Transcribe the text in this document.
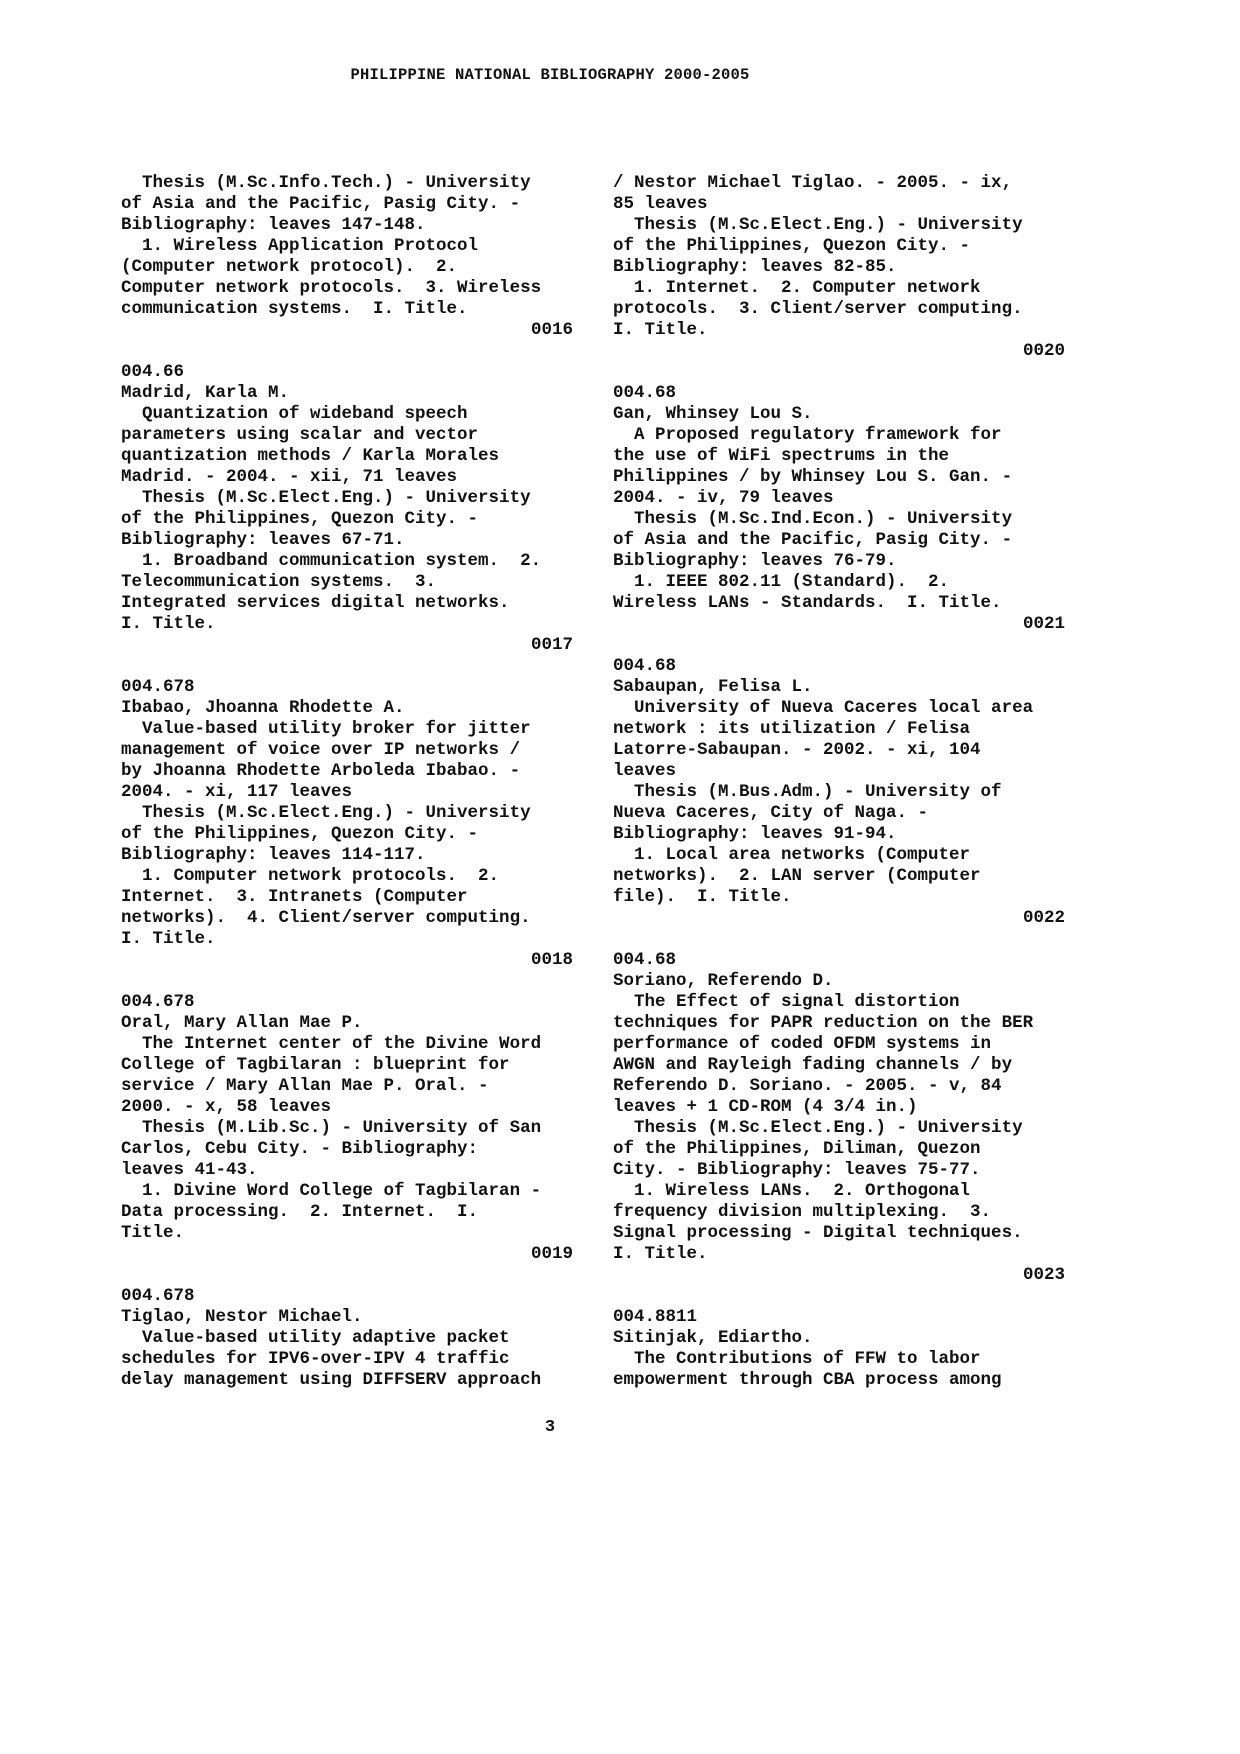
PHILIPPINE NATIONAL BIBLIOGRAPHY 2000-2005
Thesis (M.Sc.Info.Tech.) - University
of Asia and the Pacific, Pasig City. -
Bibliography: leaves 147-148.
1. Wireless Application Protocol
(Computer network protocol).  2.
Computer network protocols.  3. Wireless
communication systems.  I. Title.
0016
004.66
Madrid, Karla M.
Quantization of wideband speech
parameters using scalar and vector
quantization methods / Karla Morales
Madrid. - 2004. - xii, 71 leaves
Thesis (M.Sc.Elect.Eng.) - University
of the Philippines, Quezon City. -
Bibliography: leaves 67-71.
1. Broadband communication system.  2.
Telecommunication systems.  3.
Integrated services digital networks.
I. Title.
0017
004.678
Ibabao, Jhoanna Rhodette A.
Value-based utility broker for jitter
management of voice over IP networks /
by Jhoanna Rhodette Arboleda Ibabao. -
2004. - xi, 117 leaves
Thesis (M.Sc.Elect.Eng.) - University
of the Philippines, Quezon City. -
Bibliography: leaves 114-117.
1. Computer network protocols.  2.
Internet.  3. Intranets (Computer
networks).  4. Client/server computing.
I. Title.
0018
004.678
Oral, Mary Allan Mae P.
The Internet center of the Divine Word
College of Tagbilaran : blueprint for
service / Mary Allan Mae P. Oral. -
2000. - x, 58 leaves
Thesis (M.Lib.Sc.) - University of San
Carlos, Cebu City. - Bibliography:
leaves 41-43.
1. Divine Word College of Tagbilaran -
Data processing.  2. Internet.  I.
Title.
0019
004.678
Tiglao, Nestor Michael.
Value-based utility adaptive packet
schedules for IPV6-over-IPV 4 traffic
delay management using DIFFSERV approach
/ Nestor Michael Tiglao. - 2005. - ix,
85 leaves
Thesis (M.Sc.Elect.Eng.) - University
of the Philippines, Quezon City. -
Bibliography: leaves 82-85.
1. Internet.  2. Computer network
protocols.  3. Client/server computing.
I. Title.
0020
004.68
Gan, Whinsey Lou S.
A Proposed regulatory framework for
the use of WiFi spectrums in the
Philippines / by Whinsey Lou S. Gan. -
2004. - iv, 79 leaves
Thesis (M.Sc.Ind.Econ.) - University
of Asia and the Pacific, Pasig City. -
Bibliography: leaves 76-79.
1. IEEE 802.11 (Standard).  2.
Wireless LANs - Standards.  I. Title.
0021
004.68
Sabaupan, Felisa L.
University of Nueva Caceres local area
network : its utilization / Felisa
Latorre-Sabaupan. - 2002. - xi, 104
leaves
Thesis (M.Bus.Adm.) - University of
Nueva Caceres, City of Naga. -
Bibliography: leaves 91-94.
1. Local area networks (Computer
networks).  2. LAN server (Computer
file).  I. Title.
0022
004.68
Soriano, Referendo D.
The Effect of signal distortion
techniques for PAPR reduction on the BER
performance of coded OFDM systems in
AWGN and Rayleigh fading channels / by
Referendo D. Soriano. - 2005. - v, 84
leaves + 1 CD-ROM (4 3/4 in.)
Thesis (M.Sc.Elect.Eng.) - University
of the Philippines, Diliman, Quezon
City. - Bibliography: leaves 75-77.
1. Wireless LANs.  2. Orthogonal
frequency division multiplexing.  3.
Signal processing - Digital techniques.
I. Title.
0023
004.8811
Sitinjak, Ediartho.
The Contributions of FFW to labor
empowerment through CBA process among
3
